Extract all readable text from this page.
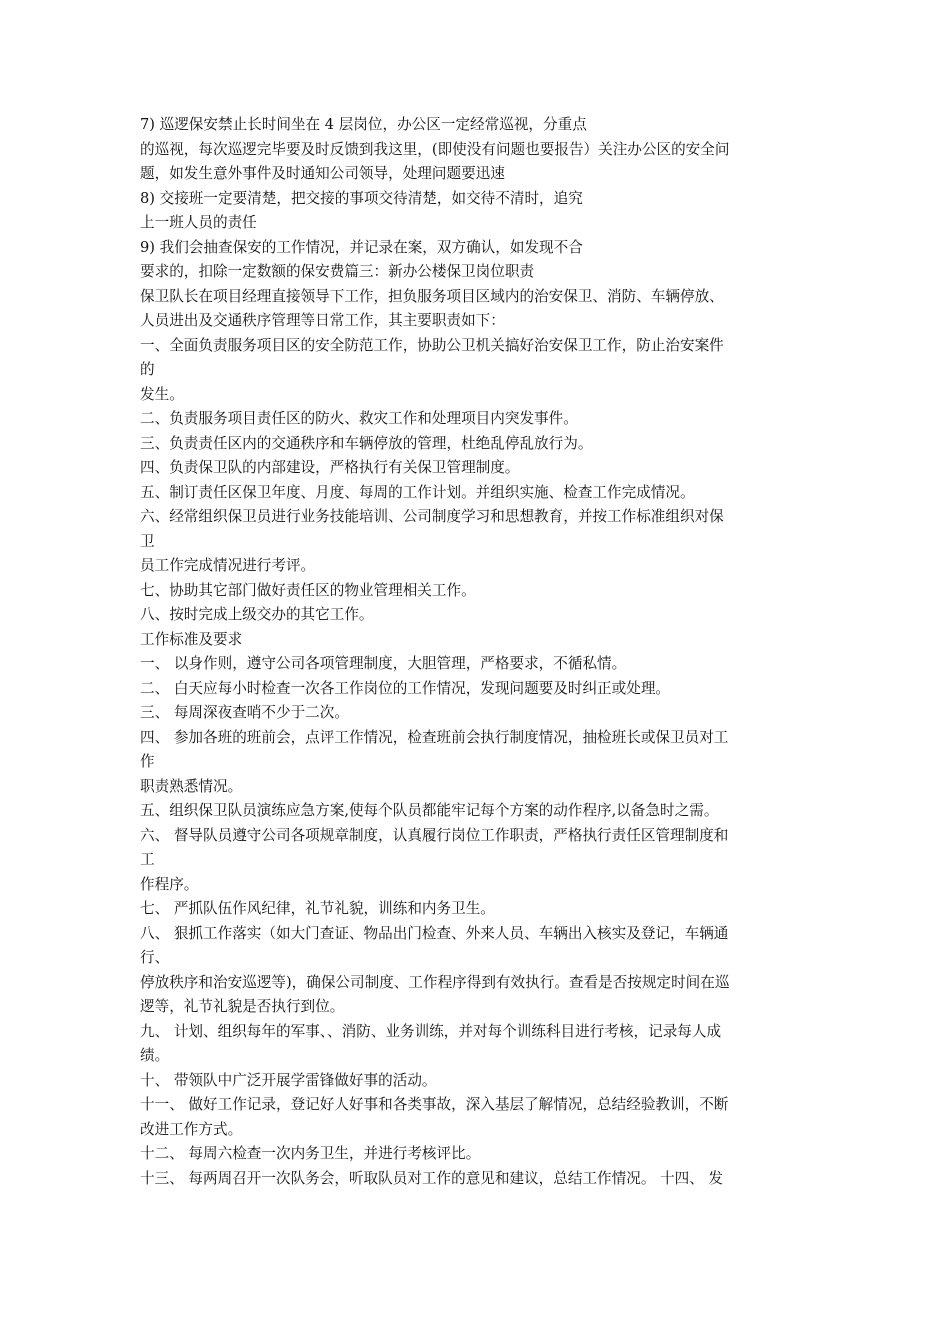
7) 巡逻保安禁止长时间坐在 4 层岗位，办公区一定经常巡视，分重点
的巡视，每次巡逻完毕要及时反馈到我这里，(即使没有问题也要报告）关注办公区的安全问
题，如发生意外事件及时通知公司领导，处理问题要迅速
8) 交接班一定要清楚，把交接的事项交待清楚，如交待不清时，追究
上一班人员的责任
9) 我们会抽查保安的工作情况，并记录在案，双方确认，如发现不合
要求的，扣除一定数额的保安费篇三：新办公楼保卫岗位职责
保卫队长在项目经理直接领导下工作，担负服务项目区域内的治安保卫、消防、车辆停放、
人员进出及交通秩序管理等日常工作，其主要职责如下：
一、全面负责服务项目区的安全防范工作，协助公卫机关搞好治安保卫工作，防止治安案件
的
发生。
二、负责服务项目责任区的防火、救灾工作和处理项目内突发事件。
三、负责责任区内的交通秩序和车辆停放的管理，杜绝乱停乱放行为。
四、负责保卫队的内部建设，严格执行有关保卫管理制度。
五、制订责任区保卫年度、月度、每周的工作计划。并组织实施、检查工作完成情况。
六、经常组织保卫员进行业务技能培训、公司制度学习和思想教育，并按工作标准组织对保
卫
员工作完成情况进行考评。
七、协助其它部门做好责任区的物业管理相关工作。
八、按时完成上级交办的其它工作。
工作标准及要求
一、 以身作则，遵守公司各项管理制度，大胆管理，严格要求，不循私情。
二、 白天应每小时检查一次各工作岗位的工作情况，发现问题要及时纠正或处理。
三、 每周深夜查哨不少于二次。
四、 参加各班的班前会，点评工作情况，检查班前会执行制度情况，抽检班长或保卫员对工
作
职责熟悉情况。
五、组织保卫队员演练应急方案,使每个队员都能牢记每个方案的动作程序,以备急时之需。
六、 督导队员遵守公司各项规章制度，认真履行岗位工作职责，严格执行责任区管理制度和
工
作程序。
七、 严抓队伍作风纪律，礼节礼貌，训练和内务卫生。
八、 狠抓工作落实（如大门查证、物品出门检查、外来人员、车辆出入核实及登记，车辆通
行、
停放秩序和治安巡逻等)，确保公司制度、工作程序得到有效执行。查看是否按规定时间在巡
逻等，礼节礼貌是否执行到位。
九、 计划、组织每年的军事、、消防、业务训练，并对每个训练科目进行考核，记录每人成
绩。
十、 带领队中广泛开展学雷锋做好事的活动。
十一、 做好工作记录，登记好人好事和各类事故，深入基层了解情况，总结经验教训，不断
改进工作方式。
十二、 每周六检查一次内务卫生，并进行考核评比。
十三、 每两周召开一次队务会，听取队员对工作的意见和建议，总结工作情况。 十四、 发
